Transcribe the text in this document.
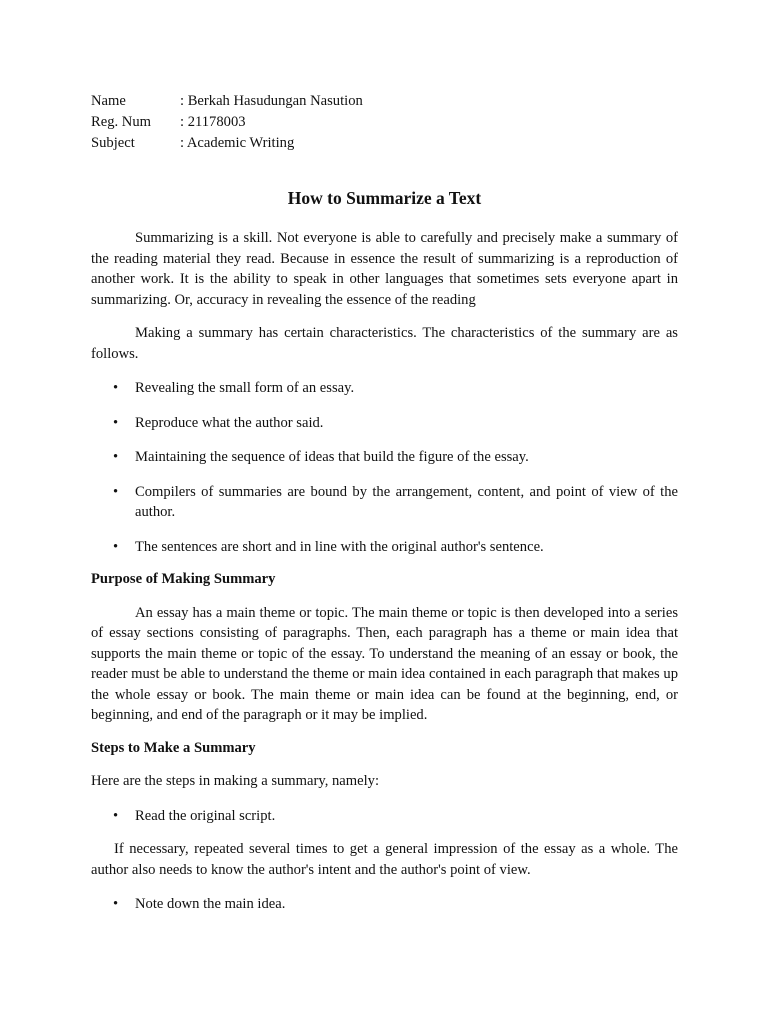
Name	: Berkah Hasudungan Nasution
Reg. Num	: 21178003
Subject	: Academic Writing
How to Summarize a Text

Summarizing is a skill. Not everyone is able to carefully and precisely make a summary of the reading material they read. Because in essence the result of summarizing is a reproduction of another work. It is the ability to speak in other languages that sometimes sets everyone apart in summarizing. Or, accuracy in revealing the essence of the reading

Making a summary has certain characteristics. The characteristics of the summary are as follows.

• Revealing the small form of an essay.
• Reproduce what the author said.
• Maintaining the sequence of ideas that build the figure of the essay.
• Compilers of summaries are bound by the arrangement, content, and point of view of the author.
• The sentences are short and in line with the original author's sentence.
Purpose of Making Summary

An essay has a main theme or topic. The main theme or topic is then developed into a series of essay sections consisting of paragraphs. Then, each paragraph has a theme or main idea that supports the main theme or topic of the essay. To understand the meaning of an essay or book, the reader must be able to understand the theme or main idea contained in each paragraph that makes up the whole essay or book. The main theme or main idea can be found at the beginning, end, or beginning, and end of the paragraph or it may be implied.

Steps to Make a Summary

Here are the steps in making a summary, namely:

• Read the original script.

If necessary, repeated several times to get a general impression of the essay as a whole. The author also needs to know the author's intent and the author's point of view.

• Note down the main idea.
